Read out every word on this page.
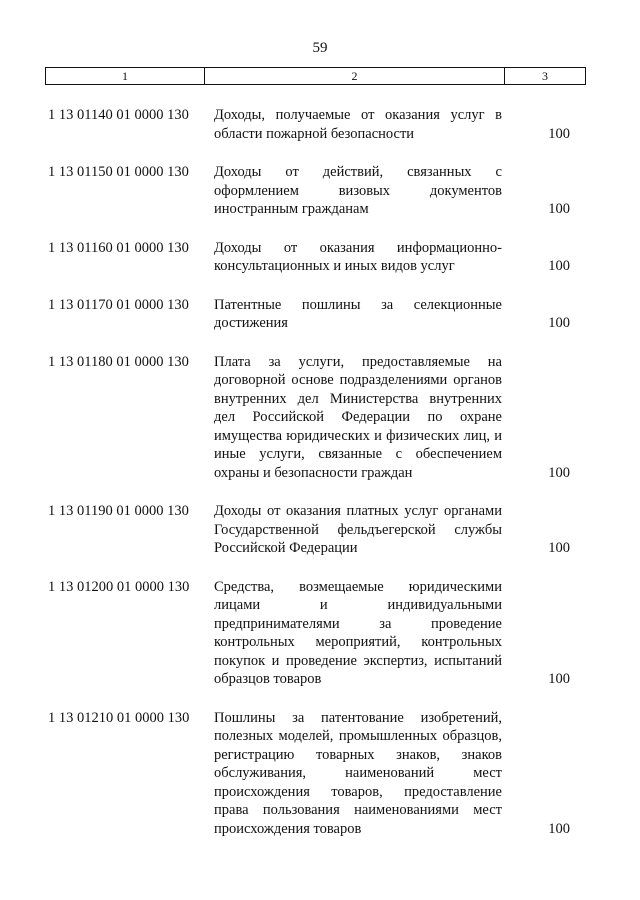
59
1	2	3
1 13 01140 01 0000 130	Доходы, получаемые от оказания услуг в области пожарной безопасности	100
1 13 01150 01 0000 130	Доходы от действий, связанных с оформлением визовых документов иностранным гражданам	100
1 13 01160 01 0000 130	Доходы от оказания информационно-консультационных и иных видов услуг	100
1 13 01170 01 0000 130	Патентные пошлины за селекционные достижения	100
1 13 01180 01 0000 130	Плата за услуги, предоставляемые на договорной основе подразделениями органов внутренних дел Министерства внутренних дел Российской Федерации по охране имущества юридических и физических лиц, и иные услуги, связанные с обеспечением охраны и безопасности граждан	100
1 13 01190 01 0000 130	Доходы от оказания платных услуг органами Государственной фельдъегерской службы Российской Федерации	100
1 13 01200 01 0000 130	Средства, возмещаемые юридическими лицами и индивидуальными предпринимателями за проведение контрольных мероприятий, контрольных покупок и проведение экспертиз, испытаний образцов товаров	100
1 13 01210 01 0000 130	Пошлины за патентование изобретений, полезных моделей, промышленных образцов, регистрацию товарных знаков, знаков обслуживания, наименований мест происхождения товаров, предоставление права пользования наименованиями мест происхождения товаров	100
